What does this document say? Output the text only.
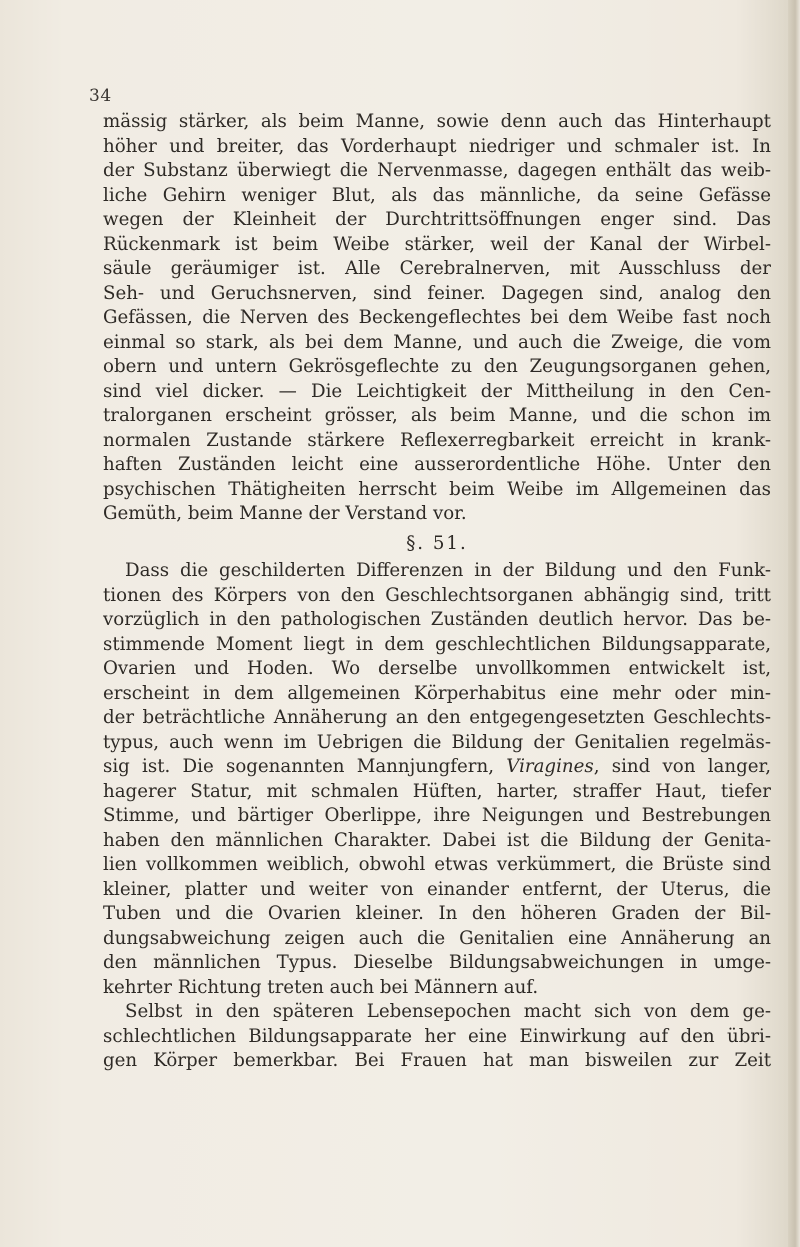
34

mässig stärker, als beim Manne, sowie denn auch das Hinterhaupt
höher und breiter, das Vorderhaupt niedriger und schmaler ist. In
der Substanz überwiegt die Nervenmasse, dagegen enthält das weib-
liche Gehirn weniger Blut, als das männliche, da seine Gefässe
wegen der Kleinheit der Durchtrittsöffnungen enger sind. Das
Rückenmark ist beim Weibe stärker, weil der Kanal der Wirbel-
säule geräumiger ist. Alle Cerebralnerven, mit Ausschluss der
Seh- und Geruchsnerven, sind feiner. Dagegen sind, analog den
Gefässen, die Nerven des Beckengeflechtes bei dem Weibe fast noch
einmal so stark, als bei dem Manne, und auch die Zweige, die vom
obern und untern Gekrösgeflechte zu den Zeugungsorganen gehen,
sind viel dicker. — Die Leichtigkeit der Mittheilung in den Cen-
tralorganen erscheint grösser, als beim Manne, und die schon im
normalen Zustande stärkere Reflexerregbarkeit erreicht in krank-
haften Zuständen leicht eine ausserordentliche Höhe. Unter den
psychischen Thätigheiten herrscht beim Weibe im Allgemeinen das
Gemüth, beim Manne der Verstand vor.

§. 51.

Dass die geschilderten Differenzen in der Bildung und den Funk-
tionen des Körpers von den Geschlechtsorganen abhängig sind, tritt
vorzüglich in den pathologischen Zuständen deutlich hervor. Das be-
stimmende Moment liegt in dem geschlechtlichen Bildungsapparate,
Ovarien und Hoden. Wo derselbe unvollkommen entwickelt ist,
erscheint in dem allgemeinen Körperhabitus eine mehr oder min-
der beträchtliche Annäherung an den entgegengesetzten Geschlechts-
typus, auch wenn im Uebrigen die Bildung der Genitalien regelmäs-
sig ist. Die sogenannten Mannjungfern, Viragines, sind von langer,
hagerer Statur, mit schmalen Hüften, harter, straffer Haut, tiefer
Stimme, und bärtiger Oberlippe, ihre Neigungen und Bestrebungen
haben den männlichen Charakter. Dabei ist die Bildung der Genita-
lien vollkommen weiblich, obwohl etwas verkümmert, die Brüste sind
kleiner, platter und weiter von einander entfernt, der Uterus, die
Tuben und die Ovarien kleiner. In den höheren Graden der Bil-
dungsabweichung zeigen auch die Genitalien eine Annäherung an
den männlichen Typus. Dieselbe Bildungsabweichungen in umge-
kehrter Richtung treten auch bei Männern auf.

Selbst in den späteren Lebensepochen macht sich von dem ge-
schlechtlichen Bildungsapparate her eine Einwirkung auf den übri-
gen Körper bemerkbar. Bei Frauen hat man bisweilen zur Zeit
